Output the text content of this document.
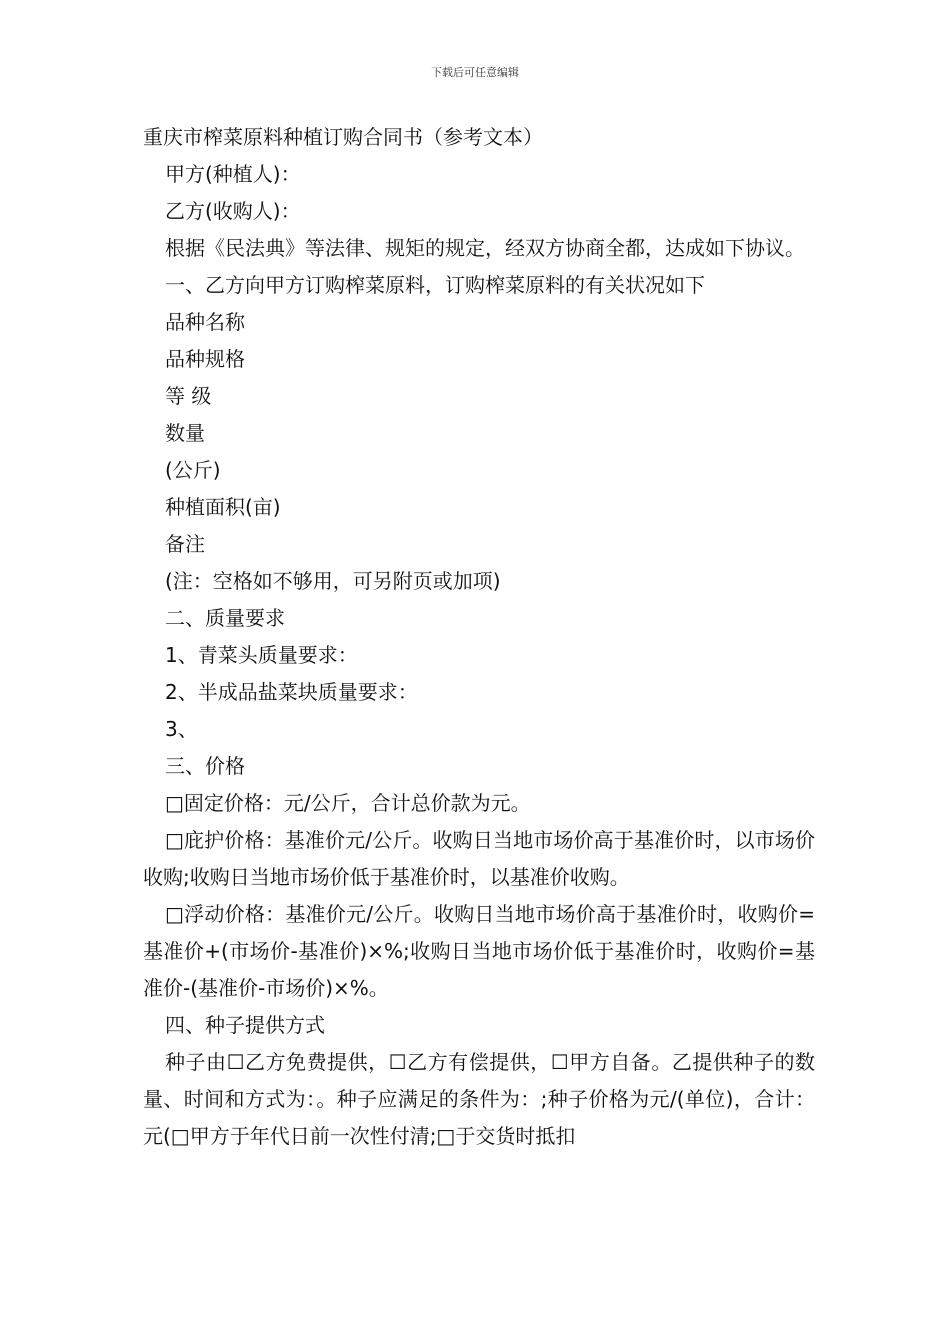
下载后可任意编辑

重庆市榨菜原料种植订购合同书（参考文本）

甲方(种植人)：

乙方(收购人)：

根据《民法典》等法律、规矩的规定，经双方协商全都，达成如下协议。

一、乙方向甲方订购榨菜原料，订购榨菜原料的有关状况如下

品种名称

品种规格

等 级

数量

(公斤)

种植面积(亩)

备注

(注：空格如不够用，可另附页或加项)

二、质量要求

1、青菜头质量要求：

2、半成品盐菜块质量要求：

3、

三、价格

□固定价格：元/公斤，合计总价款为元。

□庇护价格：基准价元/公斤。收购日当地市场价高于基准价时，以市场价收购;收购日当地市场价低于基准价时，以基准价收购。

□浮动价格：基准价元/公斤。收购日当地市场价高于基准价时，收购价=基准价+(市场价-基准价)×%;收购日当地市场价低于基准价时，收购价=基准价-(基准价-市场价)×%。

四、种子提供方式

种子由☐乙方免费提供，☐乙方有偿提供，☐甲方自备。乙提供种子的数量、时间和方式为：。种子应满足的条件为：;种子价格为元/(单位)，合计：元(□甲方于年代日前一次性付清;□于交货时抵扣
